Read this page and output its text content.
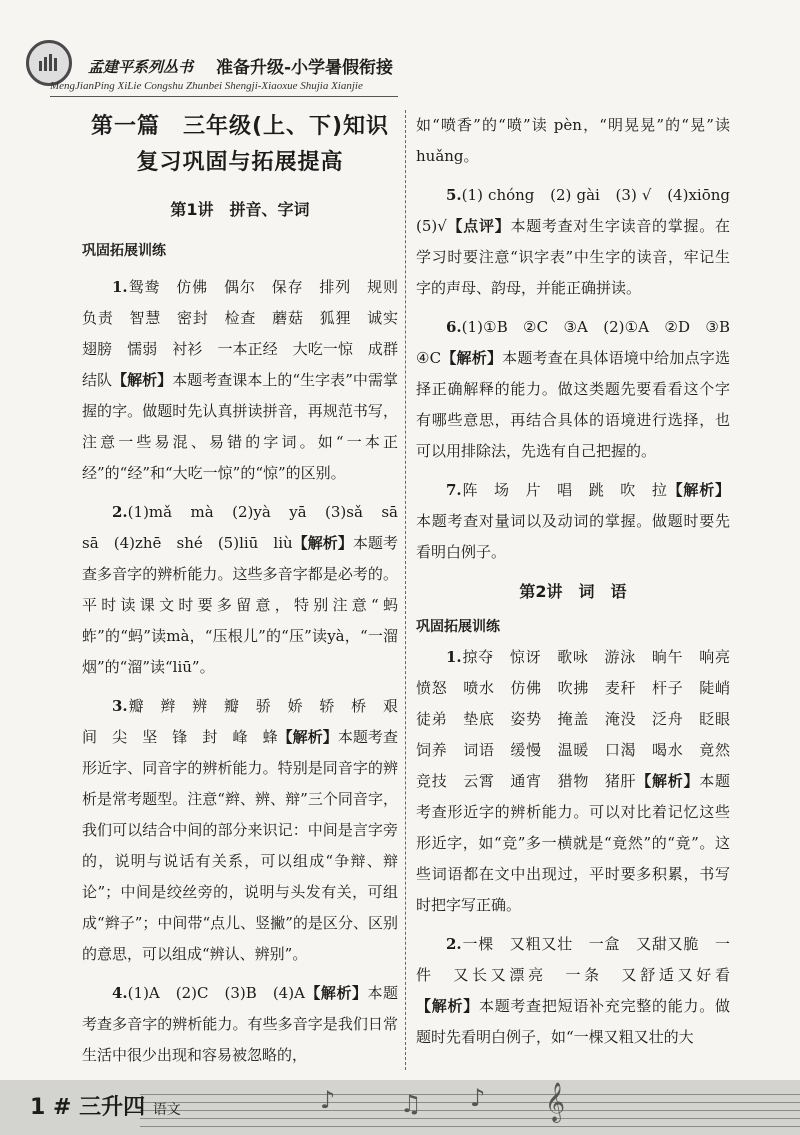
孟建平系列丛书 准备升级-小学暑假衔接
MengJianPing XiLie Congshu Zhunbei Shengji-Xiaoxue Shujia Xianjie
第一篇　三年级(上、下)知识
复习巩固与拓展提高
第1讲　拼音、字词
巩固拓展训练

1.鸳鸯　仿佛　偶尔　保存　排列　规则　负责　智慧　密封　检查　蘑菇　狐狸　诚实　翅膀　懦弱　衬衫　一本正经　大吃一惊　成群结队【解析】本题考查课本上的“生字表”中需掌握的字。做题时先认真拼读拼音，再规范书写，注意一些易混、易错的字词。如“一本正经”的“经”和“大吃一惊”的“惊”的区别。

2.(1)mǎ　mà　(2)yà　yā　(3)sǎ　sā　sā　(4)zhē　shé　(5)liū　liù【解析】本题考查多音字的辨析能力。这些多音字都是必考的。平时读课文时要多留意，特别注意“蚂蚱”的“蚂”读mà，“压根儿”的“压”读yà，“一溜烟”的“溜”读“liū”。

3.瓣　辫　辨　瓣　骄　娇　轿　桥　艰　间　尖　坚　锋　封　峰　蜂【解析】本题考查形近字、同音字的辨析能力。特别是同音字的辨析是常考题型。注意“辫、辨、辩”三个同音字，我们可以结合中间的部分来识记：中间是言字旁的，说明与说话有关系，可以组成“争辩、辩论”；中间是绞丝旁的，说明与头发有关，可组成“辫子”；中间带“点儿、竖撇”的是区分、区别的意思，可以组成“辨认、辨别”。

4.(1)A　(2)C　(3)B　(4)A【解析】本题考查多音字的辨析能力。有些多音字是我们日常生活中很少出现和容易被忽略的，

如“喷香”的“喷”读 pèn，“明晃晃”的“晃”读 huǎng。

5.(1) chóng　(2) gài　(3) √　(4)xiōng　(5)√【点评】本题考查对生字读音的掌握。在学习时要注意“识字表”中生字的读音，牢记生字的声母、韵母，并能正确拼读。

6.(1)①B　②C　③A　(2)①A　②D　③B　④C【解析】本题考查在具体语境中给加点字选择正确解释的能力。做这类题先要看看这个字有哪些意思，再结合具体的语境进行选择，也可以用排除法，先选有自己把握的。

7.阵　场　片　唱　跳　吹　拉【解析】本题考查对量词以及动词的掌握。做题时要先看明白例子。

第2讲　词　语
巩固拓展训练

1.掠夺　惊讶　歌咏　游泳　晌午　响亮　愤怒　喷水　仿佛　吹拂　麦秆　杆子　陡峭　徒弟　垫底　姿势　掩盖　淹没　泛舟　眨眼　饲养　词语　缓慢　温暖　口渴　喝水　竟然　竞技　云霄　通宵　猎物　猪肝【解析】本题考查形近字的辨析能力。可以对比着记忆这些形近字，如“竞”多一横就是“竟然”的“竟”。这些词语都在文中出现过，平时要多积累，书写时把字写正确。

2.一棵　又粗又壮　一盒　又甜又脆　一件　又长又漂亮　一条　又舒适又好看【解析】本题考查把短语补充完整的能力。做题时先看明白例子，如“一棵又粗又壮的大

♪	♫ ♪ 𝄞
1 # 三升四 语文
